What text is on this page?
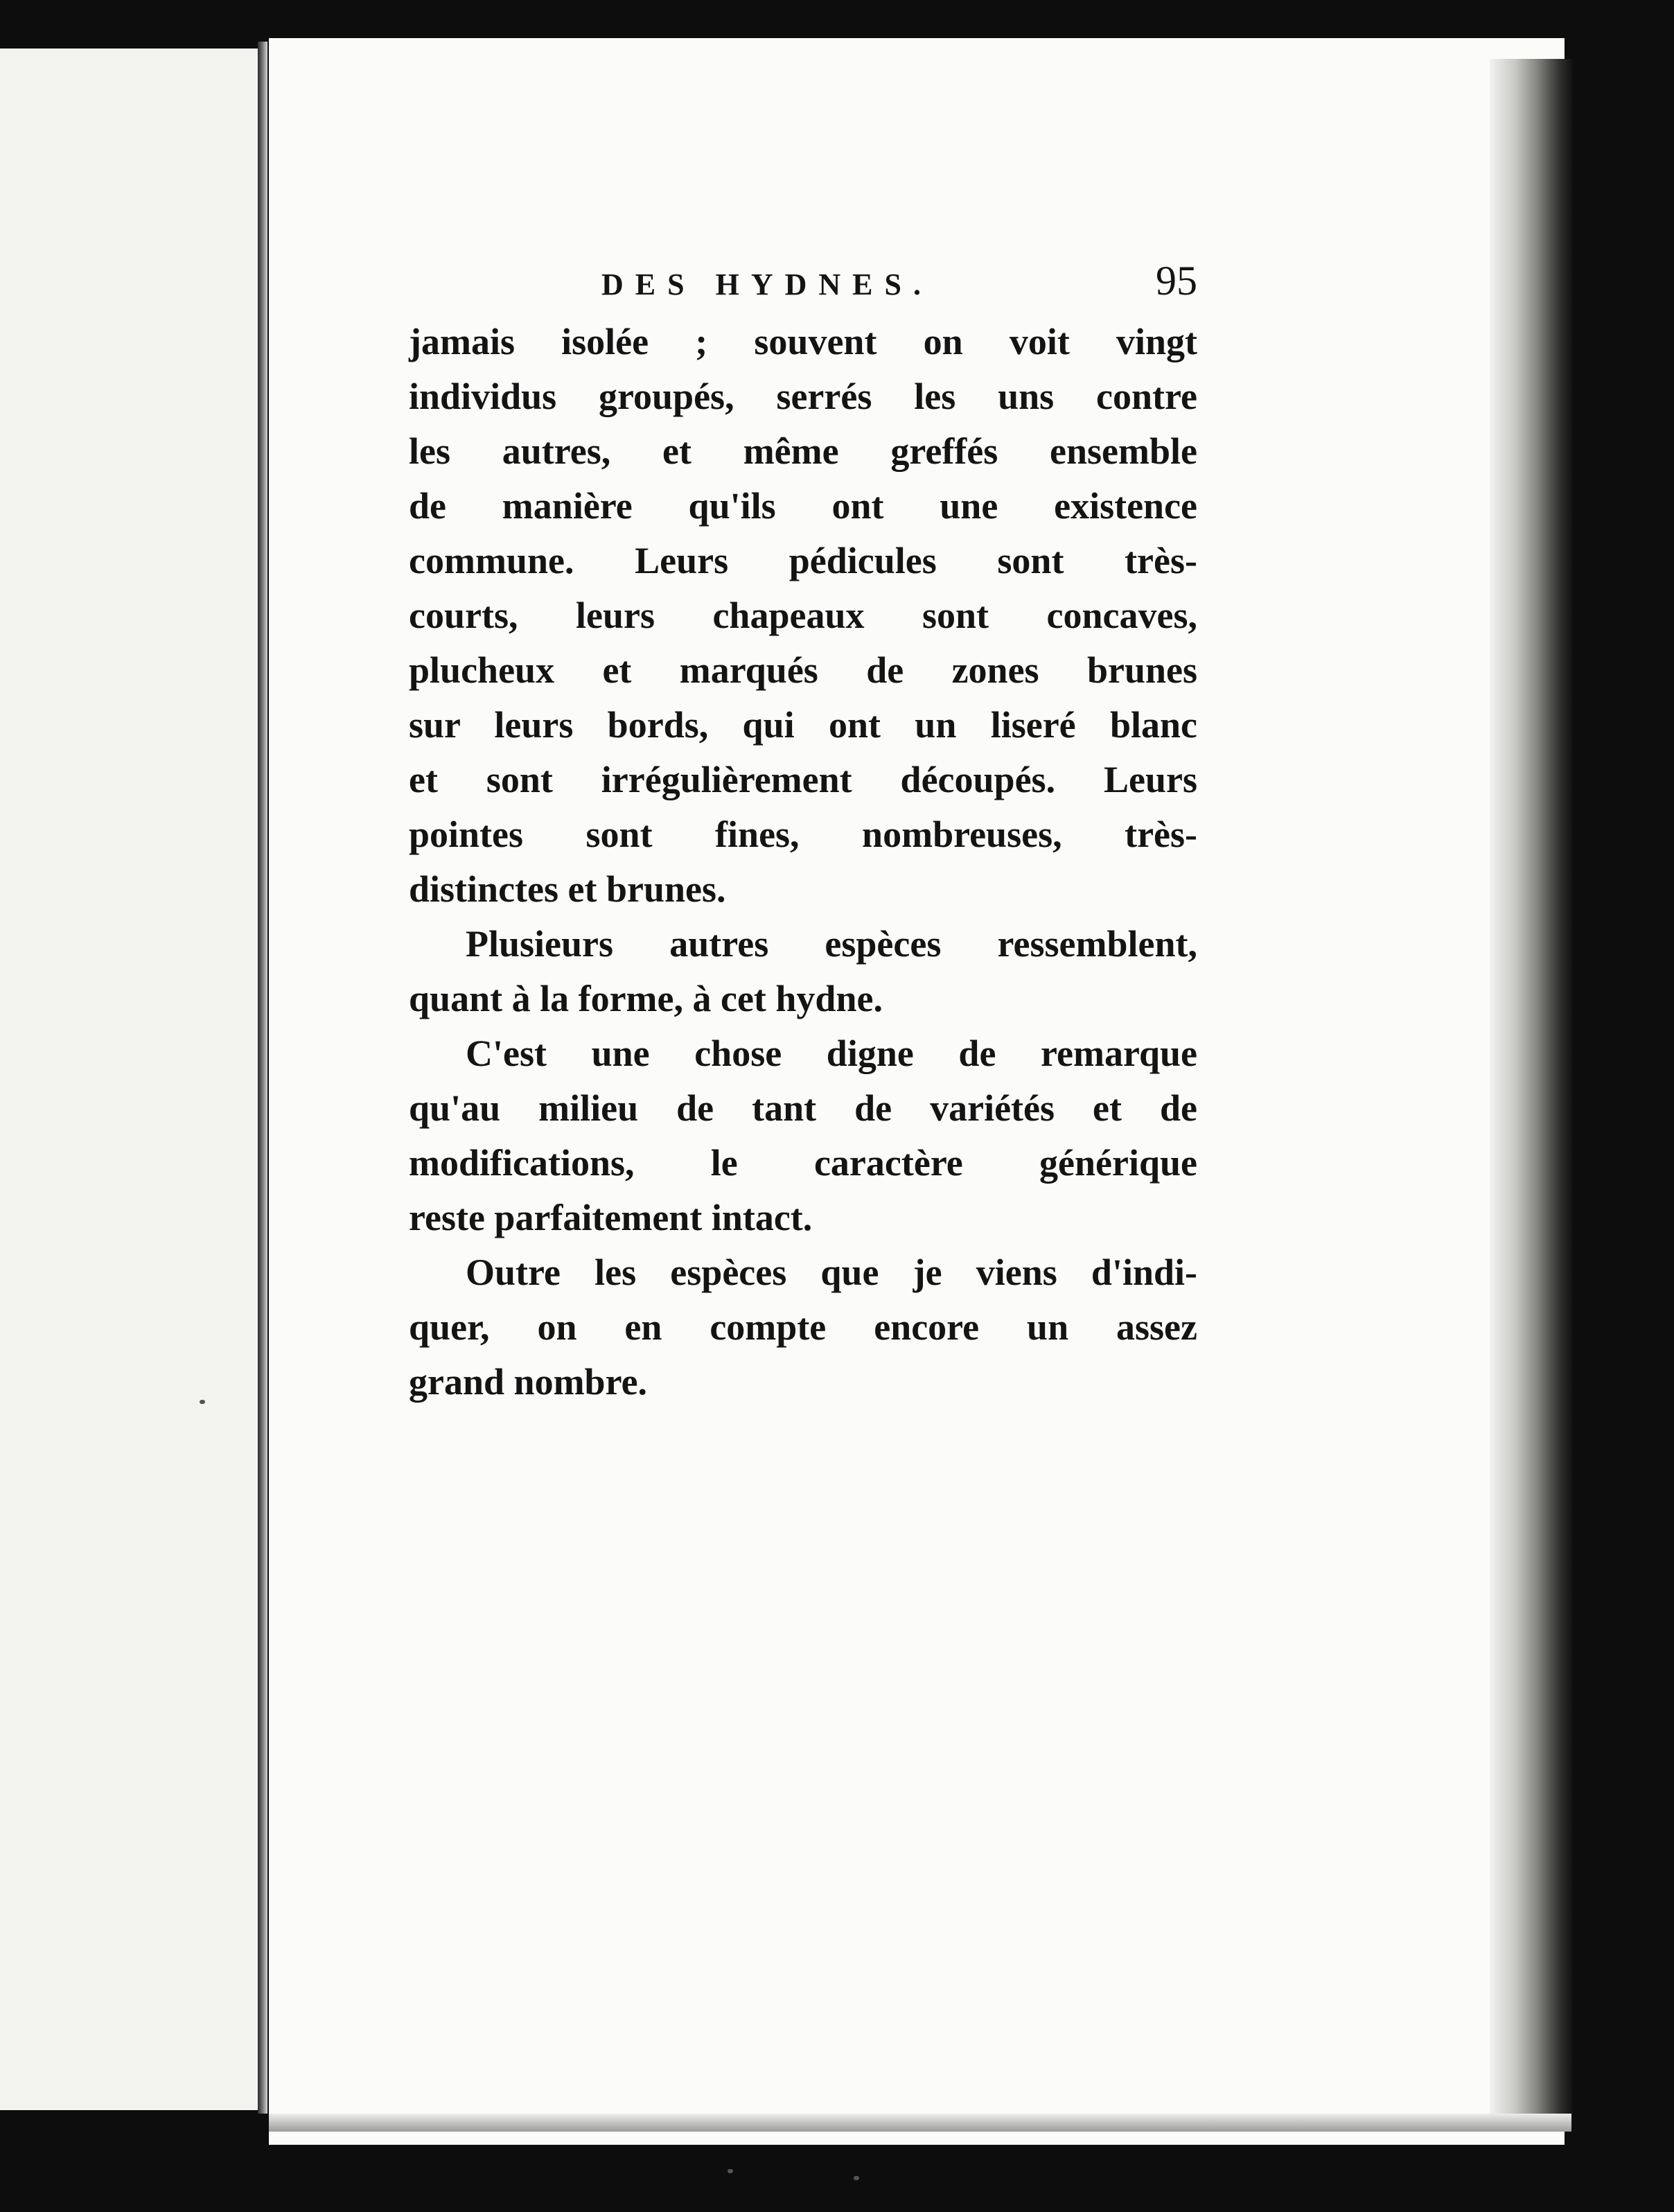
DES HYDNES.	95
jamais isolée ; souvent on voit vingt
individus groupés, serrés les uns contre
les autres, et même greffés ensemble
de manière qu'ils ont une existence
commune. Leurs pédicules sont très-
courts, leurs chapeaux sont concaves,
plucheux et marqués de zones brunes
sur leurs bords, qui ont un liseré blanc
et sont irrégulièrement découpés. Leurs
pointes sont fines, nombreuses, très-
distinctes et brunes.
Plusieurs autres espèces ressemblent,
quant à la forme, à cet hydne.
C'est une chose digne de remarque
qu'au milieu de tant de variétés et de
modifications, le caractère générique
reste parfaitement intact.
Outre les espèces que je viens d'indi-
quer, on en compte encore un assez
grand nombre.
